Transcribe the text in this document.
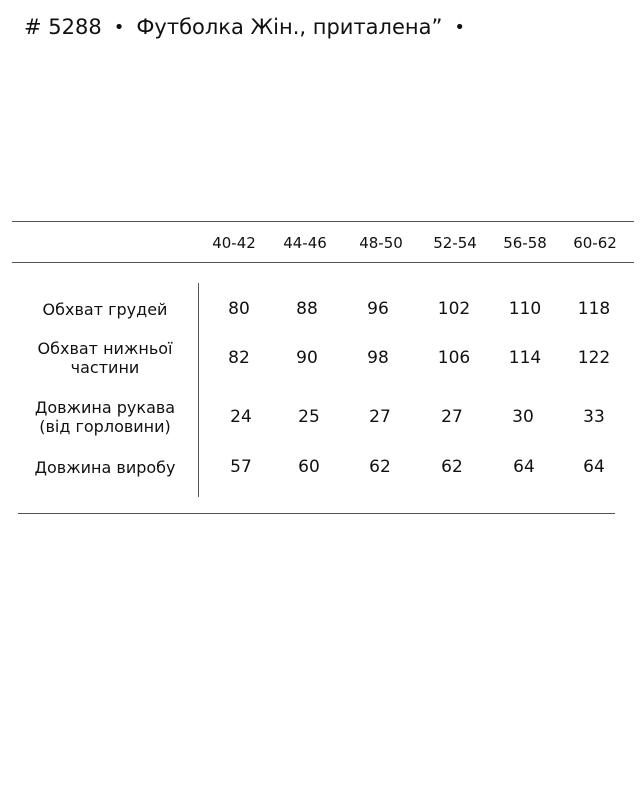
# 5288 • Футболка Жін., приталена” •
40-42 44-46 48-50 52-54 56-58 60-62
Обхват грудей	80	88	96	102 110 118
Обхват нижньої частини	82	90	98	106 114 122
Довжина рукава (від горловини)	24	25	27	27	30	33
Довжина виробу	57	60	62	62	64	64
